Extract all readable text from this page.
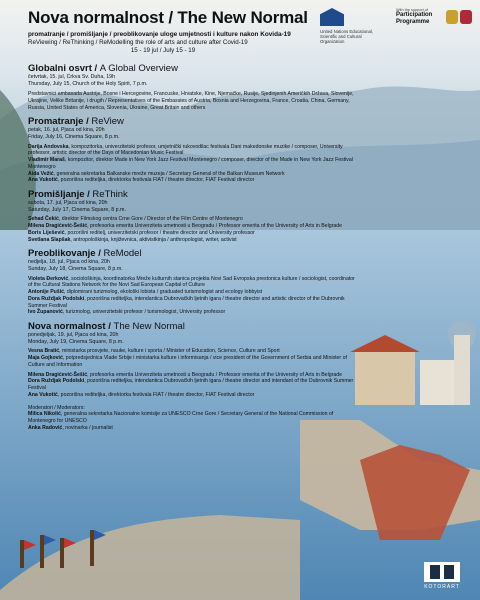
Nova normalnost / The New Normal
promatranje / promišljanje / preoblikovanje uloge umjetnosti i kulture nakon Kovida-19
ReViewing / ReThinking / ReModelling the role of arts and culture after Covid-19
15 - 19 jul / July 15 - 19
United Nations Educational, Scientific and Cultural Organization
With the support of
Participation Programme
Globalni osvrt / A Global Overview
četvrtak, 15. jul, Crkva Sv. Duha, 19h
Thursday, July 15, Church of the Holy Spirit, 7 p.m.
Predstavnici ambasada Austrije, Bosne i Hercegovine, Francuske, Hrvatske, Kine, Njemačke, Rusije, Sjedinjenih Američkih Država, Slovenije, Ukrajine, Velike Britanije, i drugih / Representatives of the Embassies of Austria, Bosnia and Herzegovina, France, Croatia, China, Germany, Russia, United States of America, Slovenia, Ukraine, Great Britain and others
Promatranje / ReView
petak, 16. jul, Pjaca od kina, 20h
Friday, July 16, Cinema Square, 8 p.m.
Darija Andovska, kompozitorka, univerzitetski profesor, umjetnički rukovodilac festivala Dani makedonske muzike / composer, University professor, artistic director of the Days of Macedonian Music Festival
Vladimir Maraš, kompozitor, direktor Made in New York Jazz Festival Montenegro / composer, director of the Made in New York Jazz Festival Montenegro
Aida Vežić, generalna sekretarka Balkanske mreže muzeja / Secretary General of the Balkan Museum Network
Ana Vukotić, pozorišna rediteljka, direktorka festivala FIAT / theatre director, FIAT Festival director
Promišljanje / ReThink
subota, 17. jul, Pjaca od kina, 20h
Saturday, July 17, Cinema Square, 8 p.m.
Sehad Čekić, direktor Filmskog centra Crne Gore / Director of the Film Centre of Montenegro
Milena Dragićević-Šešić, profesorka emerita Univerziteta umetnosti u Beogradu / Professor emerita of the University of Arts in Belgrade
Boris Liješević, pozorišni reditelj, univerzitetski profesor / theatre director and University professor
Svetlana Slapšak, antropološkinja, književnica, aktivistkinja / anthropologist, writer, activist
Preoblikovanje / ReModel
nedjelja, 18. jul, Pjaca od kina, 20h
Sunday, July 18, Cinema Square, 8 p.m.
Violeta Đerković, sociološkinja, koordinatorka Mreže kulturnih stanica projekta Novi Sad Evropska prestonica kulture / sociologist, coordinator of the Cultural Stations Network for the Novi Sad European Capital of Culture
Antonije Pušić, diplomirani turizmolog, ekološki lobista / graduated turismologist and ecology lobbyist
Dora Ruždjak Podolski, pozorišna rediteljka, intendantica Dubrovačkih ljetnih igara / theatre director and artistic director of the Dubrovnik Summer Festival
Ivo Županović, turizmolog, univerzitetski profesor / turismologist, University professor
Nova normalnost / The New Normal
ponedjeljak, 19. jul, Pjaca od kina, 20h
Monday, July 19, Cinema Square, 8 p.m.
Vesna Bratić, ministarka prosvjete, nauke, kulture i sporta / Minister of Education, Science, Culture and Sport
Maja Gojković, potpredsjednica Vlade Srbije i ministarka kulture i informisanja / vice president of the Government of Serbia and Minister of Culture and Information
Milena Dragićević-Šešić, profesorka emerita Univerziteta umetnosti u Beogradu / Professor emerita of the University of Arts in Belgrade
Dora Ruždjak Podolski, pozorišna rediteljka, intendantica Dubrovačkih ljetnih igara / theatre director and intendant of the Dubrovnik Summer Festival
Ana Vukotić, pozorišna rediteljka, direktorka festivala FIAT / theatre director, FIAT Festival director
Moderatori / Moderators:
Milica Nikolić, generalna sekretarka Nacionalne komisije za UNESCO Crne Gore / Secretary General of the National Commission of Montenegro for UNESCO
Anka Radović, novinarka / journalist
KOTORART
